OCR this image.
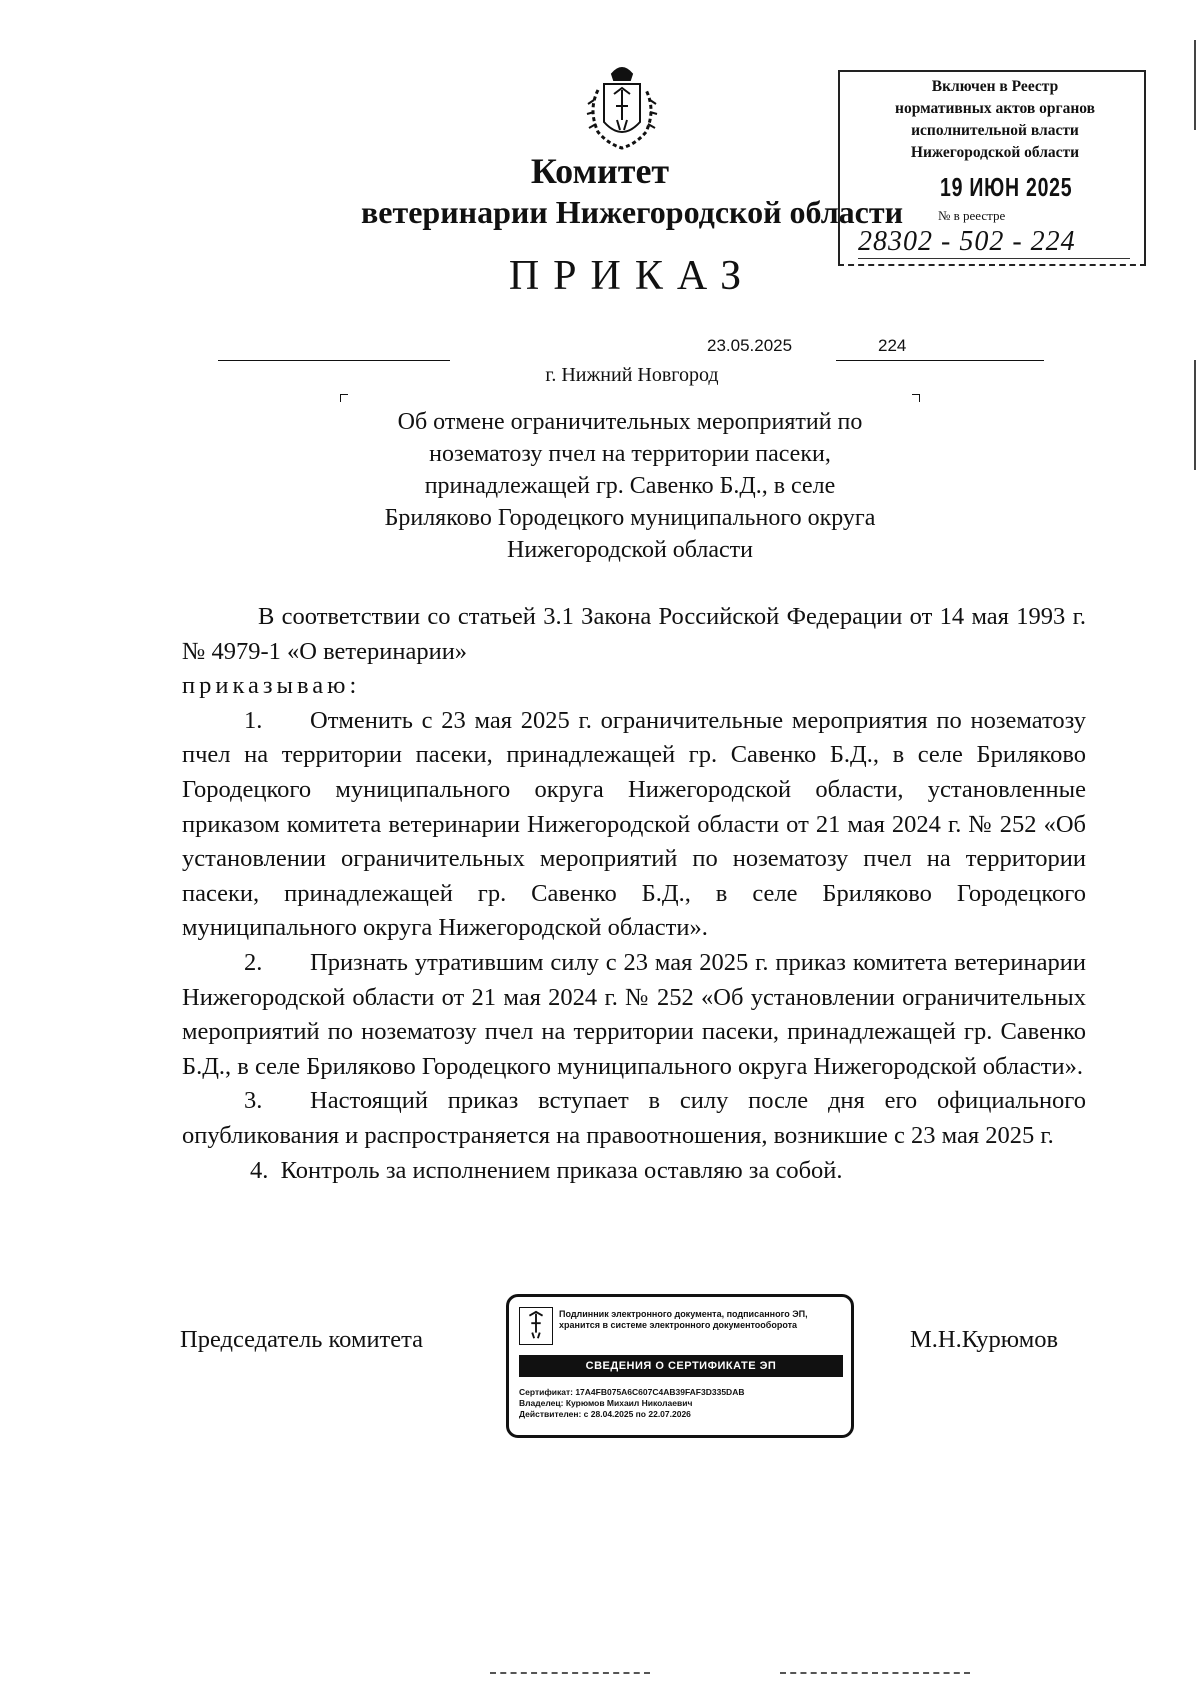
Комитет
ветеринарии Нижегородской области
ПРИКАЗ
Включен в Реестр
нормативных актов органов
исполнительной власти
Нижегородской области
19 ИЮН 2025
№ в реестре
28302 - 502 - 224
23.05.2025	224
г. Нижний Новгород
Об отмене ограничительных мероприятий по
нозематозу пчел на территории пасеки,
принадлежащей гр. Савенко Б.Д., в селе
Бриляково Городецкого муниципального округа
Нижегородской области

В соответствии со статьей 3.1 Закона Российской Федерации от 14 мая 1993 г. № 4979-1 «О ветеринарии»

приказываю:

1. Отменить с 23 мая 2025 г. ограничительные мероприятия по нозематозу пчел на территории пасеки, принадлежащей гр. Савенко Б.Д., в селе Бриляково Городецкого муниципального округа Нижегородской области, установленные приказом комитета ветеринарии Нижегородской области от 21 мая 2024 г. № 252 «Об установлении ограничительных мероприятий по нозематозу пчел на территории пасеки, принадлежащей гр. Савенко Б.Д., в селе Бриляково Городецкого муниципального округа Нижегородской области».

2. Признать утратившим силу с 23 мая 2025 г. приказ комитета ветеринарии Нижегородской области от 21 мая 2024 г. № 252 «Об установлении ограничительных мероприятий по нозематозу пчел на территории пасеки, принадлежащей гр. Савенко Б.Д., в селе Бриляково Городецкого муниципального округа Нижегородской области».

3. Настоящий приказ вступает в силу после дня его официального опубликования и распространяется на правоотношения, возникшие с 23 мая 2025 г.

4. Контроль за исполнением приказа оставляю за собой.

Председатель комитета	М.Н.Курюмов
Подлинник электронного документа, подписанного ЭП, хранится в системе электронного документооборота
СВЕДЕНИЯ О СЕРТИФИКАТЕ ЭП
Сертификат: 17A4FB075A6C607C4AB39FAF3D335DAB
Владелец: Курюмов Михаил Николаевич
Действителен: с 28.04.2025 по 22.07.2026
